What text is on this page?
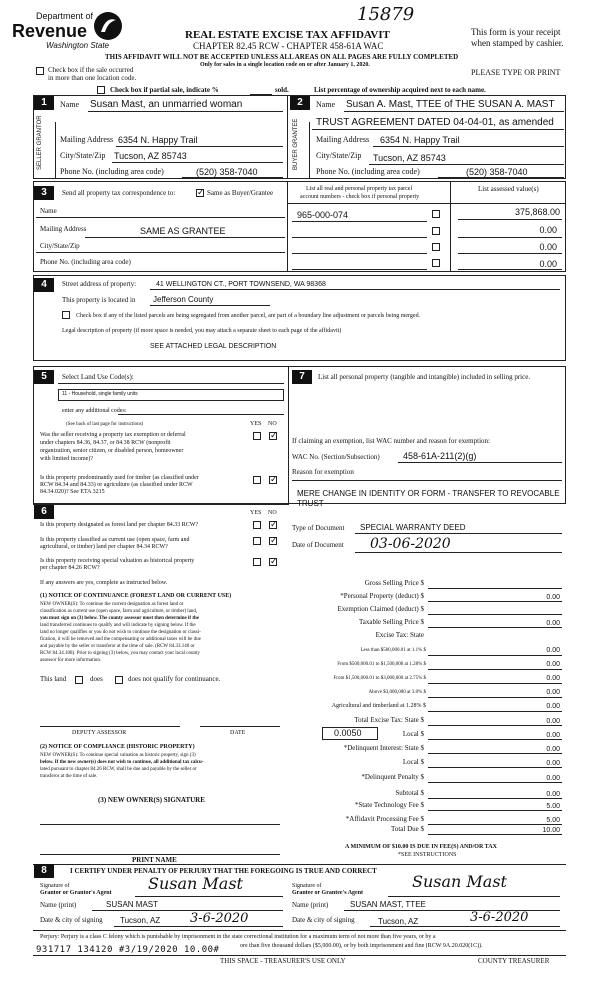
Department of
Revenue
Washington State
15879
REAL ESTATE EXCISE TAX AFFIDAVIT
CHAPTER 82.45 RCW - CHAPTER 458-61A WAC
This form is your receipt
when stamped by cashier.
THIS AFFIDAVIT WILL NOT BE ACCEPTED UNLESS ALL AREAS ON ALL PAGES ARE FULLY COMPLETED
Only for sales in a single location code on or after January 1, 2020.
PLEASE TYPE OR PRINT
Check box if the sale occurred
in more than one location code.
Check box if partial sale, indicate %	sold.	List percentage of ownership acquired next to each name.
1	Name Susan Mast, an unmarried woman
SELLER GRANTOR Mailing Address 6354 N. Happy Trail
City/State/Zip Tucson, AZ 85743
Phone No. (including area code)	(520) 358-7040
2	Name Susan A. Mast, TTEE of THE SUSAN A. MAST
TRUST AGREEMENT DATED 04-04-01, as amended
BUYER GRANTEE Mailing Address 6354 N. Happy Trail
City/State/Zip Tucson, AZ 85743
Phone No. (including area code)	(520) 358-7040
3	Send all property tax correspondence to:
✓	Same as Buyer/Grantee
Name
Mailing Address	SAME AS GRANTEE
City/State/Zip
Phone No. (including area code)
List all real and personal property tax parcel
account numbers - check box if personal property
List assessed value(s)
965-000-074	375,868.00
0.00
0.00
0.00
4	Street address of property:	41 WELLINGTON CT., PORT TOWNSEND, WA 98368
This property is located in Jefferson County
Check box if any of the listed parcels are being segregated from another parcel, are part of a boundary line adjustment or parcels being merged.
Legal description of property (if more space is needed, you may attach a separate sheet to each page of the affidavit)
SEE ATTACHED LEGAL DESCRIPTION
5	Select Land Use Code(s):
11 - Household, single family units
enter any additional codes:
(See back of last page for instructions)	YES NO
Was the seller receiving a property tax exemption or deferral
under chapters 84.36, 84.37, or 84.38 RCW (nonprofit
organization, senior citizen, or disabled person, homeowner
with limited income)?
✓
Is this property predominantly used for timber (as classified under
RCW 84.34 and 84.33) or agriculture (as classified under RCW
84.34.020)? See ETA 3215
✓
6	YES NO
Is this property designated as forest land per chapter 84.33 RCW?
✓
Is this property classified as current use (open space, farm and
agricultural, or timber) land per chapter 84.34 RCW?
✓
Is this property receiving special valuation as historical property
per chapter 84.26 RCW?
✓
If any answers are yes, complete as instructed below.
(1) NOTICE OF CONTINUANCE (FOREST LAND OR CURRENT USE)
NEW OWNER(S): To continue the current designation as forest land or
classification as current use (open space, farm and agriculture, or timber) land,
you must sign on (3) below. The county assessor must then determine if the
land transferred continues to qualify and will indicate by signing below. If the
land no longer qualifies or you do not wish to continue the designation or classi-
fication, it will be removed and the compensating or additional taxes will be due
and payable by the seller or transferor at the time of sale. (RCW 84.33.140 or
RCW 84.34.108). Prior to signing (3) below, you may contact your local county
assessor for more information.
This land	does	does not qualify for continuance.
DEPUTY ASSESSOR	DATE
(2) NOTICE OF COMPLIANCE (HISTORIC PROPERTY)
NEW OWNER(S): To continue special valuation as historic property, sign (3)
below. If the new owner(s) does not wish to continue, all additional tax calcu-
lated pursuant to chapter 84.26 RCW, shall be due and payable by the seller or
transferor at the time of sale.
(3) NEW OWNER(S) SIGNATURE
PRINT NAME
7	List all personal property (tangible and intangible) included in selling price.
If claiming an exemption, list WAC number and reason for exemption:
WAC No. (Section/Subsection)	458-61A-211(2)(g)
Reason for exemption
MERE CHANGE IN IDENTITY OR FORM - TRANSFER TO REVOCABLE
TRUST
Type of Document SPECIAL WARRANTY DEED
Date of Document 03-06-2020
Gross Selling Price $
*Personal Property (deduct) $	0.00
Exemption Claimed (deduct) $
Taxable Selling Price $	0.00
Excise Tax: State
Less than $500,000.01 at 1.1% $	0.00
From $500,000.01 to $1,500,000 at 1.28% $	0.00
From $1,500,000.01 to $3,000,000 at 2.75% $	0.00
Above $3,000,000 at 3.0% $	0.00
Agricultural and timberland at 1.28% $	0.00
Total Excise Tax: State $	0.00
0.0050	Local $	0.00
*Delinquent Interest: State $	0.00
Local $	0.00
*Delinquent Penalty $	0.00
Subtotal $	0.00
*State Technology Fee $	5.00
*Affidavit Processing Fee $	5.00
Total Due $	10.00
A MINIMUM OF $10.00 IS DUE IN FEE(S) AND/OR TAX
*SEE INSTRUCTIONS
8	I CERTIFY UNDER PENALTY OF PERJURY THAT THE FOREGOING IS TRUE AND CORRECT
Signature of
Grantor or Grantor's Agent Susan Mast	Signature of
Grantee or Grantee's Agent
Susan Mast
Name (print)	SUSAN MAST	Name (print)	SUSAN MAST, TTEE
Date & city of signing Tucson, AZ 3-6-2020	Date & city of signing	Tucson, AZ	3-6-2020
Perjury: Perjury is a class C felony which is punishable by imprisonment in the state correctional institution for a maximum term of not more than five years, or by a
ore than five thousand dollars ($5,000.00), or by both imprisonment and fine (RCW 9A.20.020(1C)).
931717 134120 #3/19/2020 10.00#
THIS SPACE - TREASURER'S USE ONLY	COUNTY TREASURER
